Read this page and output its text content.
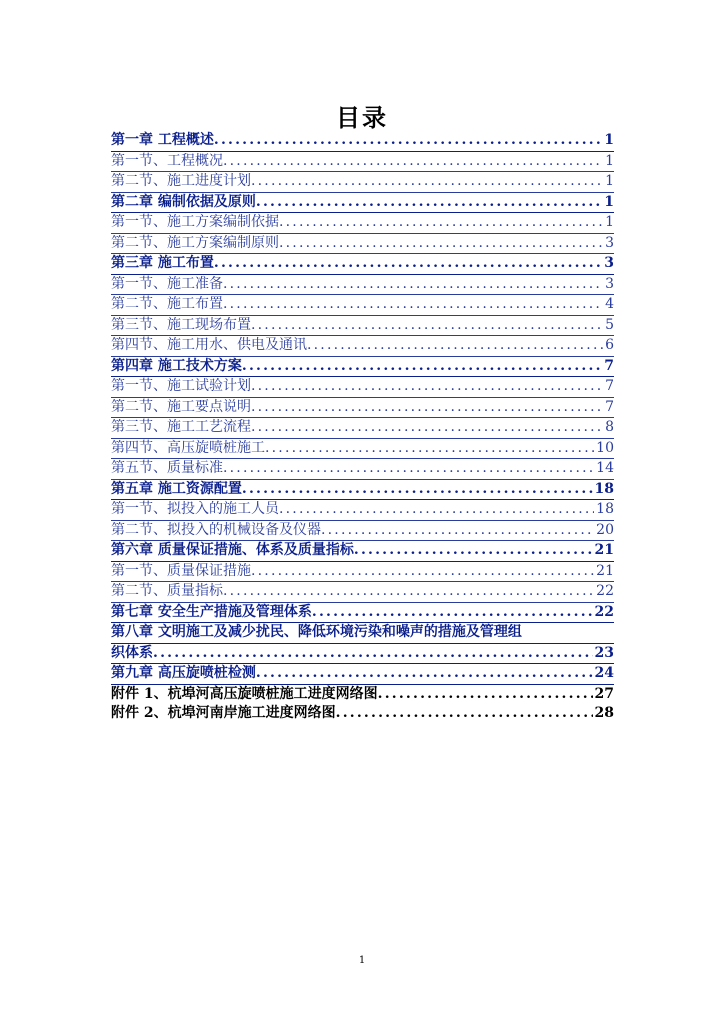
目录
第一章 工程概述 .....	1
第一节、工程概况 .....	1
第二节、施工进度计划 .....	1
第二章 编制依据及原则 .....	1
第一节、施工方案编制依据 .....	1
第二节、施工方案编制原则 .....	3
第三章 施工布置 .....	3
第一节、施工准备 .....	3
第二节、施工布置 .....	4
第三节、施工现场布置 .....	5
第四节、施工用水、供电及通讯 .....	6
第四章 施工技术方案 .....	7
第一节、施工试验计划 .....	7
第二节、施工要点说明 .....	7
第三节、施工工艺流程 .....	8
第四节、高压旋喷桩施工 .....	10
第五节、质量标准 .....	14
第五章 施工资源配置 .....	18
第一节、拟投入的施工人员 .....	18
第二节、拟投入的机械设备及仪器 .....	20
第六章 质量保证措施、体系及质量指标 .....	21
第一节、质量保证措施 .....	21
第二节、质量指标 .....	22
第七章 安全生产措施及管理体系 .....	22
第八章 文明施工及减少扰民、降低环境污染和噪声的措施及管理组
织体系 .....	23
第九章 高压旋喷桩检测 .....	24
附件 1、杭埠河高压旋喷桩施工进度网络图 .....	27
附件 2、杭埠河南岸施工进度网络图 .....	28
1
